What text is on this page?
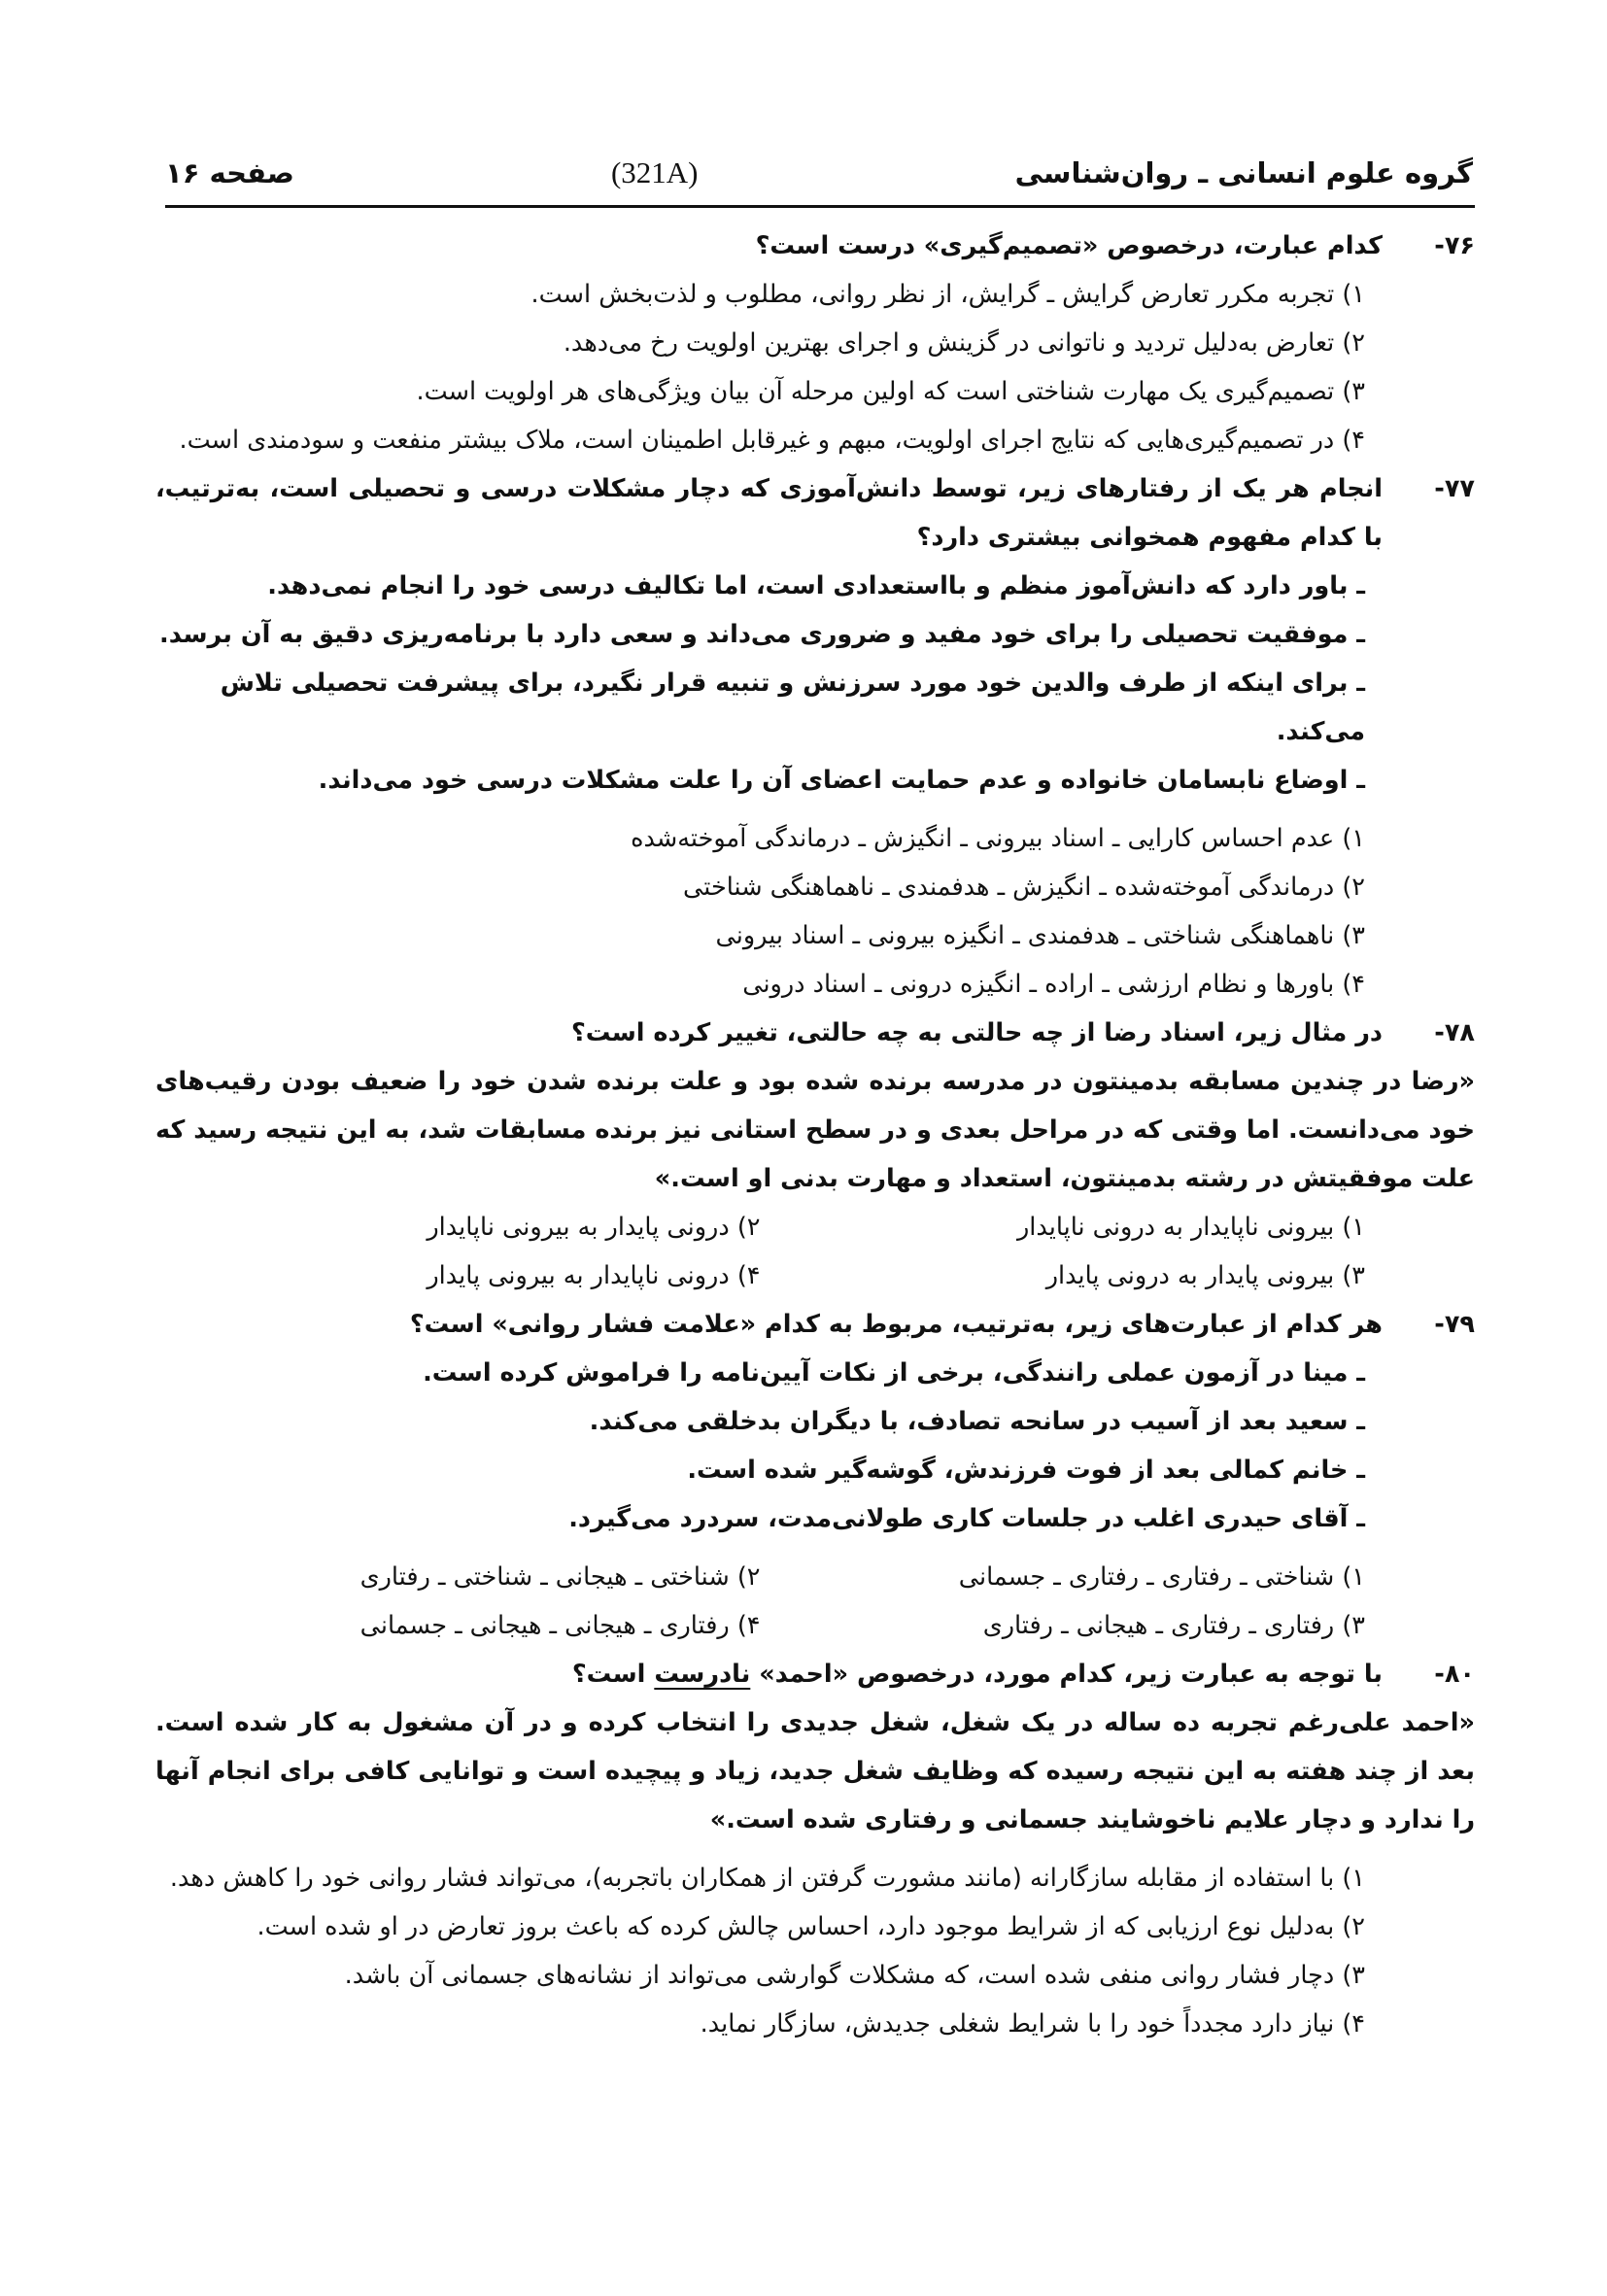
گروه علوم انسانی ـ روان‌شناسی
(321A)
صفحه ۱۶
۷۶-
کدام عبارت، درخصوص «تصمیم‌گیری» درست است؟
۱) تجربه مکرر تعارض گرایش ـ گرایش، از نظر روانی، مطلوب و لذت‌بخش است.
۲) تعارض به‌دلیل تردید و ناتوانی در گزینش و اجرای بهترین اولویت رخ می‌دهد.
۳) تصمیم‌گیری یک مهارت شناختی است که اولین مرحله آن بیان ویژگی‌های هر اولویت است.
۴) در تصمیم‌گیری‌هایی که نتایج اجرای اولویت، مبهم و غیرقابل اطمینان است، ملاک بیشتر منفعت و سودمندی است.
۷۷-
انجام هر یک از رفتارهای زیر، توسط دانش‌آموزی که دچار مشکلات درسی و تحصیلی است، به‌ترتیب، با کدام مفهوم همخوانی بیشتری دارد؟
ـ باور دارد که دانش‌آموز منظم و بااستعدادی است، اما تکالیف درسی خود را انجام نمی‌دهد.
ـ موفقیت تحصیلی را برای خود مفید و ضروری می‌داند و سعی دارد با برنامه‌ریزی دقیق به آن برسد.
ـ برای اینکه از طرف والدین خود مورد سرزنش و تنبیه قرار نگیرد، برای پیشرفت تحصیلی تلاش می‌کند.
ـ اوضاع نابسامان خانواده و عدم حمایت اعضای آن را علت مشکلات درسی خود می‌داند.
۱) عدم احساس کارایی ـ اسناد بیرونی ـ انگیزش ـ درماندگی آموخته‌شده
۲) درماندگی آموخته‌شده ـ انگیزش ـ هدفمندی ـ ناهماهنگی شناختی
۳) ناهماهنگی شناختی ـ هدفمندی ـ انگیزه بیرونی ـ اسناد بیرونی
۴) باورها و نظام ارزشی ـ اراده ـ انگیزه درونی ـ اسناد درونی
۷۸-
در مثال زیر، اسناد رضا از چه حالتی به چه حالتی، تغییر کرده است؟
«رضا در چندین مسابقه بدمینتون در مدرسه برنده شده بود و علت برنده شدن خود را ضعیف بودن رقیب‌های خود می‌دانست. اما وقتی که در مراحل بعدی و در سطح استانی نیز برنده مسابقات شد، به این نتیجه رسید که علت موفقیتش در رشته بدمینتون، استعداد و مهارت بدنی او است.»
۱) بیرونی ناپایدار به درونی ناپایدار
۲) درونی پایدار به بیرونی ناپایدار
۳) بیرونی پایدار به درونی پایدار
۴) درونی ناپایدار به بیرونی پایدار
۷۹-
هر کدام از عبارت‌های زیر، به‌ترتیب، مربوط به کدام «علامت فشار روانی» است؟
ـ مینا در آزمون عملی رانندگی، برخی از نکات آیین‌نامه را فراموش کرده است.
ـ سعید بعد از آسیب در سانحه تصادف، با دیگران بدخلقی می‌کند.
ـ خانم کمالی بعد از فوت فرزندش، گوشه‌گیر شده است.
ـ آقای حیدری اغلب در جلسات کاری طولانی‌مدت، سردرد می‌گیرد.
۱) شناختی ـ رفتاری ـ رفتاری ـ جسمانی
۲) شناختی ـ هیجانی ـ شناختی ـ رفتاری
۳) رفتاری ـ رفتاری ـ هیجانی ـ رفتاری
۴) رفتاری ـ هیجانی ـ هیجانی ـ جسمانی
۸۰-
با توجه به عبارت زیر، کدام مورد، درخصوص «احمد» نادرست است؟
«احمد علی‌رغم تجربه ده ساله در یک شغل، شغل جدیدی را انتخاب کرده و در آن مشغول به کار شده است. بعد از چند هفته به این نتیجه رسیده که وظایف شغل جدید، زیاد و پیچیده است و توانایی کافی برای انجام آنها را ندارد و دچار علایم ناخوشایند جسمانی و رفتاری شده است.»
۱) با استفاده از مقابله سازگارانه (مانند مشورت گرفتن از همکاران باتجربه)، می‌تواند فشار روانی خود را کاهش دهد.
۲) به‌دلیل نوع ارزیابی که از شرایط موجود دارد، احساس چالش کرده که باعث بروز تعارض در او شده است.
۳) دچار فشار روانی منفی شده است، که مشکلات گوارشی می‌تواند از نشانه‌های جسمانی آن باشد.
۴) نیاز دارد مجدداً خود را با شرایط شغلی جدیدش، سازگار نماید.
